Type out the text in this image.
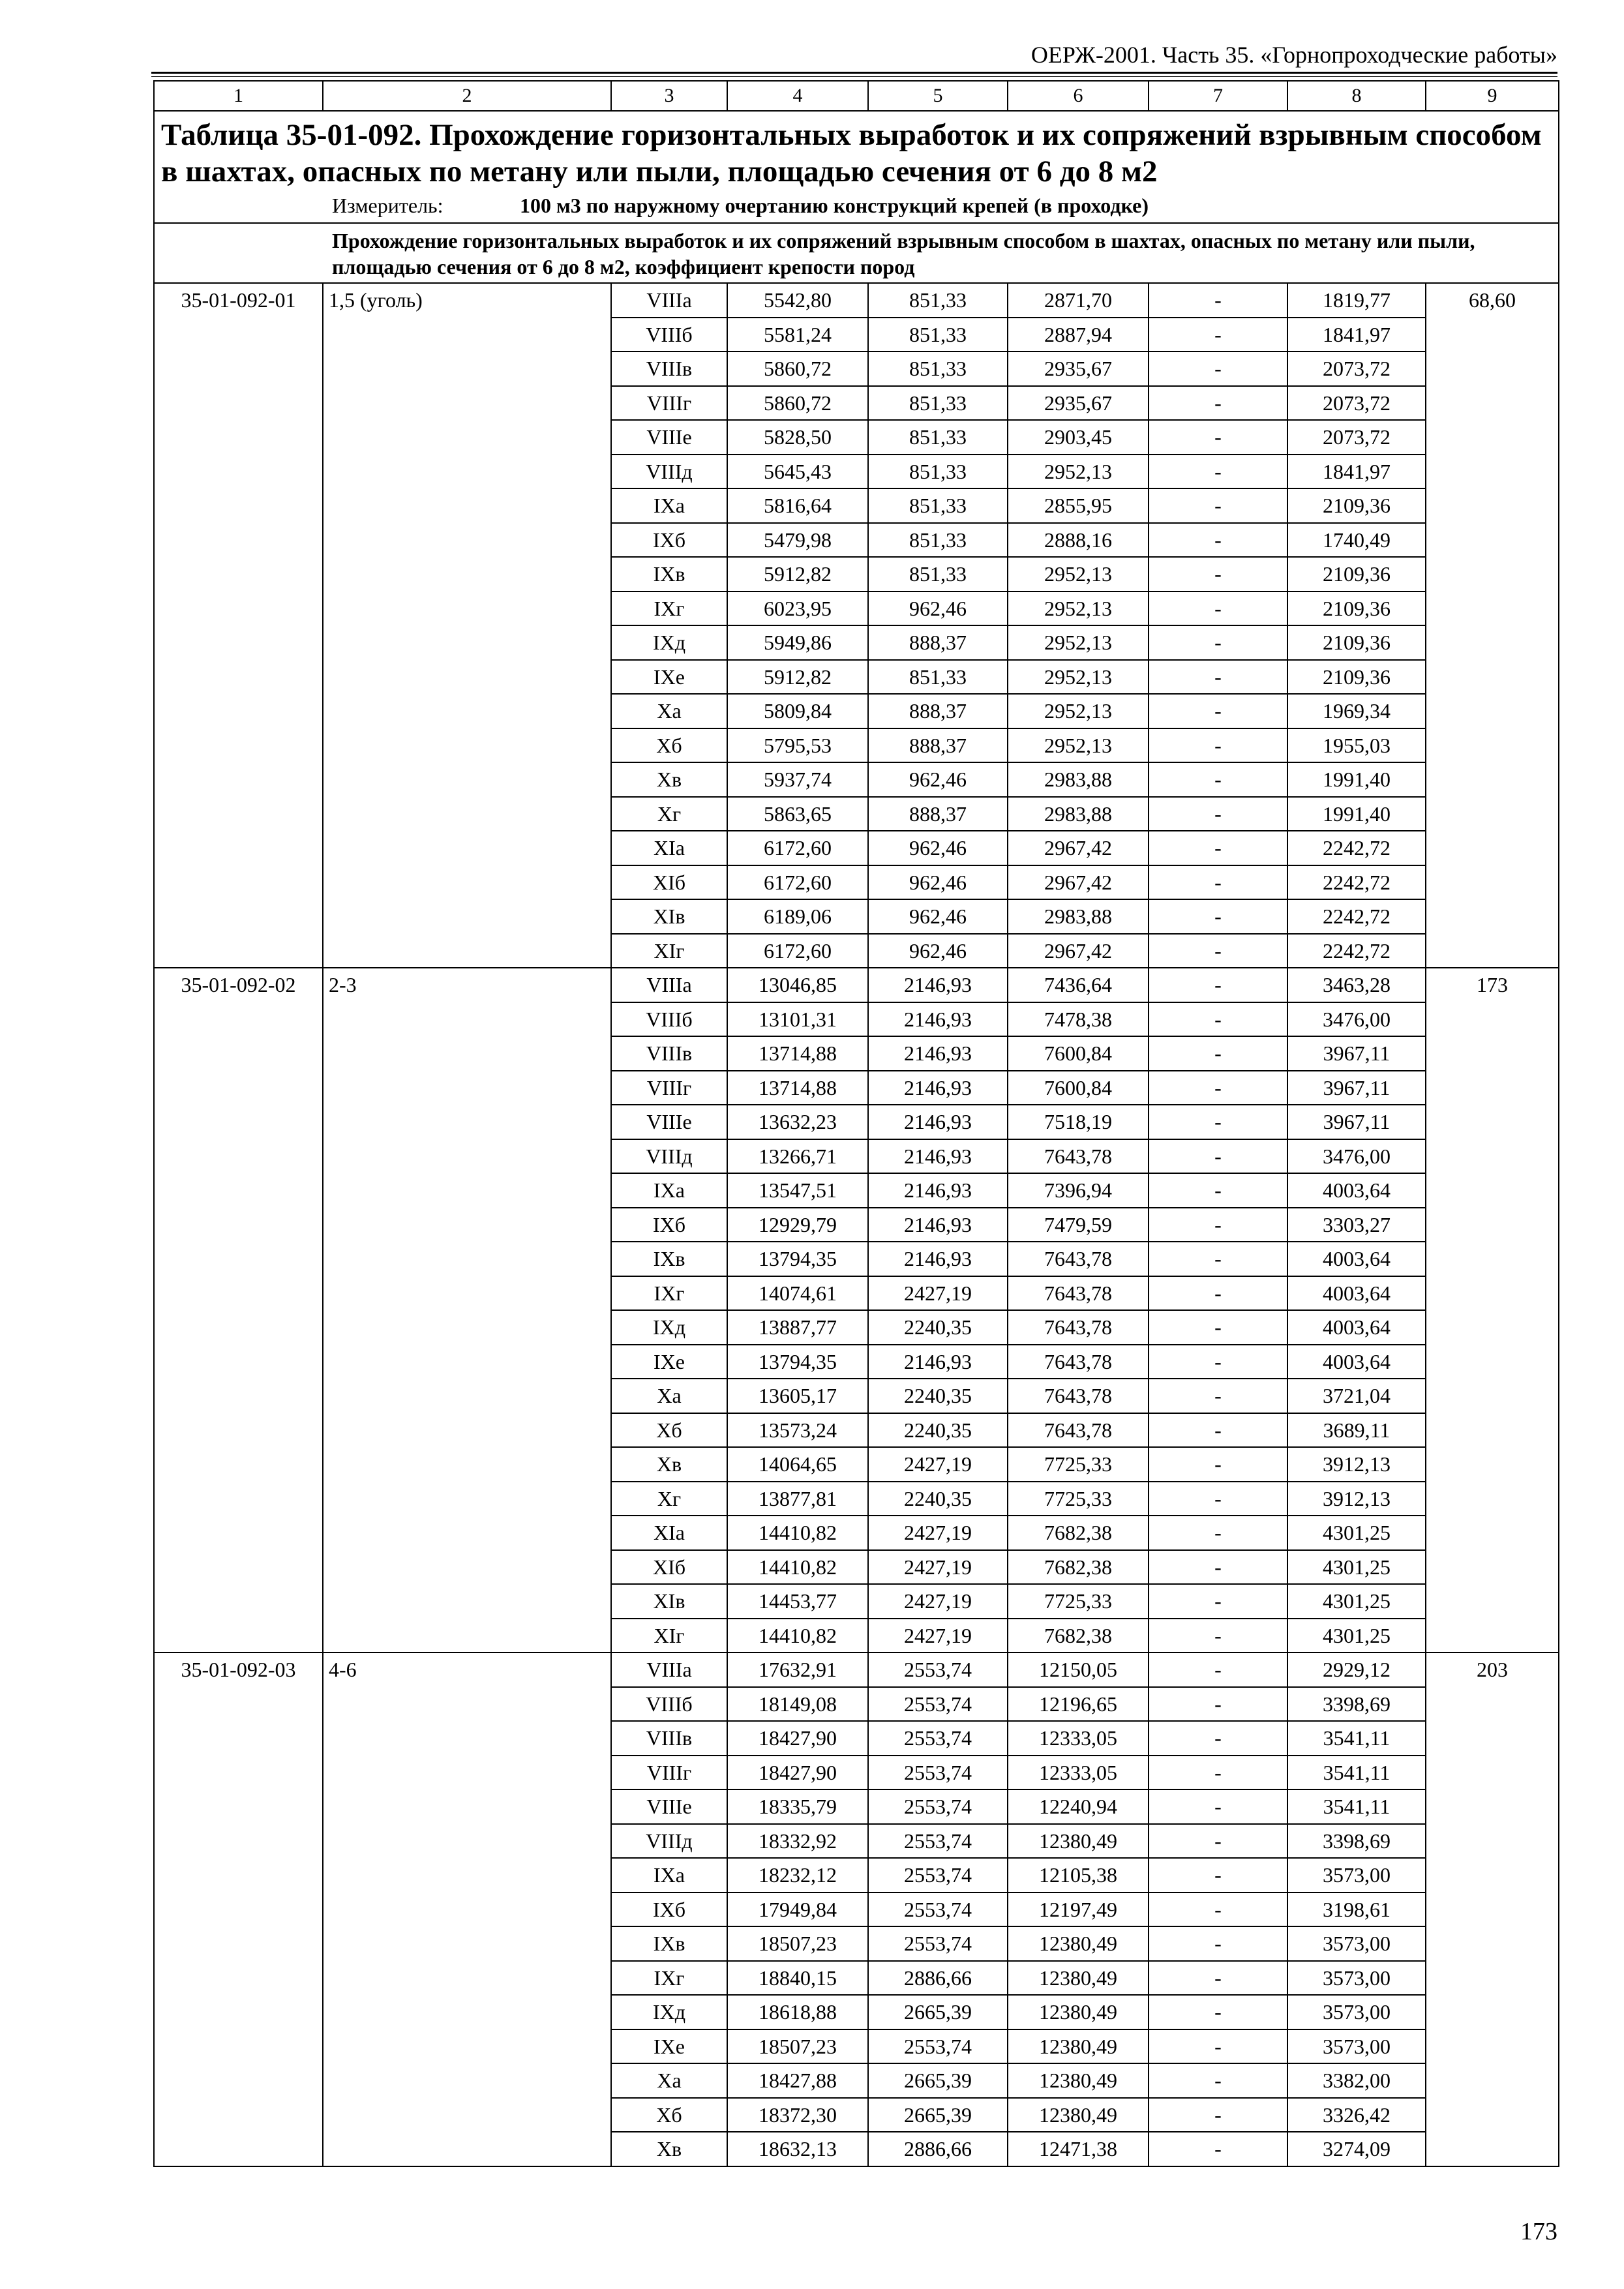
ОЕРЖ-2001. Часть 35. «Горнопроходческие работы»
1	2	3	4	5	6	7	8	9

Таблица 35-01-092. Прохождение горизонтальных выработок и их сопряжений взрывным способом в шахтах, опасных по метану или пыли, площадью сечения от 6 до 8 м2
Измеритель: 100 м3 по наружному очертанию конструкций крепей (в проходке)								

Прохождение горизонтальных выработок и их сопряжений взрывным способом в шахтах, опасных по метану или пыли, площадью сечения от 6 до 8 м2, коэффициент крепости пород								
35-01-092-01	1,5 (уголь)	VIIIа	5542,80	851,33	2871,70	-	1819,77	68,60
		VIIIб	5581,24	851,33	2887,94	-	1841,97	
		VIIIв	5860,72	851,33	2935,67	-	2073,72	
		VIIIг	5860,72	851,33	2935,67	-	2073,72	
		VIIIе	5828,50	851,33	2903,45	-	2073,72	
		VIIIд	5645,43	851,33	2952,13	-	1841,97	
		IXа	5816,64	851,33	2855,95	-	2109,36	
		IXб	5479,98	851,33	2888,16	-	1740,49	
		IXв	5912,82	851,33	2952,13	-	2109,36	
		IXг	6023,95	962,46	2952,13	-	2109,36	
		IXд	5949,86	888,37	2952,13	-	2109,36	
		IXе	5912,82	851,33	2952,13	-	2109,36	
		Xа	5809,84	888,37	2952,13	-	1969,34	
		Xб	5795,53	888,37	2952,13	-	1955,03	
		Xв	5937,74	962,46	2983,88	-	1991,40	
		Xг	5863,65	888,37	2983,88	-	1991,40	
		XIа	6172,60	962,46	2967,42	-	2242,72	
		XIб	6172,60	962,46	2967,42	-	2242,72	
		XIв	6189,06	962,46	2983,88	-	2242,72	
		XIг	6172,60	962,46	2967,42	-	2242,72	
35-01-092-02	2-3	VIIIа	13046,85	2146,93	7436,64	-	3463,28	173
		VIIIб	13101,31	2146,93	7478,38	-	3476,00	
		VIIIв	13714,88	2146,93	7600,84	-	3967,11	
		VIIIг	13714,88	2146,93	7600,84	-	3967,11	
		VIIIе	13632,23	2146,93	7518,19	-	3967,11	
		VIIIд	13266,71	2146,93	7643,78	-	3476,00	
		IXа	13547,51	2146,93	7396,94	-	4003,64	
		IXб	12929,79	2146,93	7479,59	-	3303,27	
		IXв	13794,35	2146,93	7643,78	-	4003,64	
		IXг	14074,61	2427,19	7643,78	-	4003,64	
		IXд	13887,77	2240,35	7643,78	-	4003,64	
		IXе	13794,35	2146,93	7643,78	-	4003,64	
		Xа	13605,17	2240,35	7643,78	-	3721,04	
		Xб	13573,24	2240,35	7643,78	-	3689,11	
		Xв	14064,65	2427,19	7725,33	-	3912,13	
		Xг	13877,81	2240,35	7725,33	-	3912,13	
		XIа	14410,82	2427,19	7682,38	-	4301,25	
		XIб	14410,82	2427,19	7682,38	-	4301,25	
		XIв	14453,77	2427,19	7725,33	-	4301,25	
		XIг	14410,82	2427,19	7682,38	-	4301,25	
35-01-092-03	4-6	VIIIа	17632,91	2553,74	12150,05	-	2929,12	203
		VIIIб	18149,08	2553,74	12196,65	-	3398,69	
		VIIIв	18427,90	2553,74	12333,05	-	3541,11	
		VIIIг	18427,90	2553,74	12333,05	-	3541,11	
		VIIIе	18335,79	2553,74	12240,94	-	3541,11	
		VIIIд	18332,92	2553,74	12380,49	-	3398,69	
		IXа	18232,12	2553,74	12105,38	-	3573,00	
		IXб	17949,84	2553,74	12197,49	-	3198,61	
		IXв	18507,23	2553,74	12380,49	-	3573,00	
		IXг	18840,15	2886,66	12380,49	-	3573,00	
		IXд	18618,88	2665,39	12380,49	-	3573,00	
		IXе	18507,23	2553,74	12380,49	-	3573,00	
		Xа	18427,88	2665,39	12380,49	-	3382,00	
		Xб	18372,30	2665,39	12380,49	-	3326,42	
		Xв	18632,13	2886,66	12471,38	-	3274,09	
173
